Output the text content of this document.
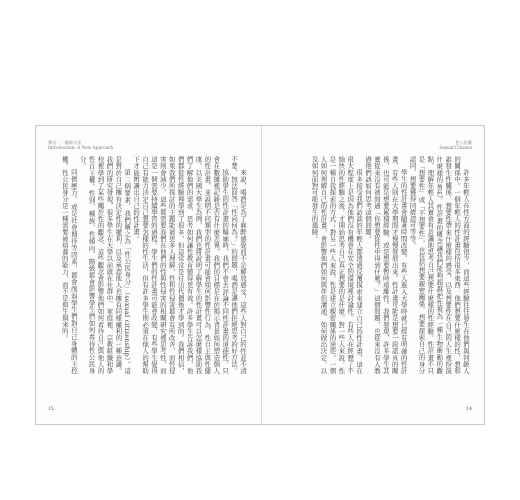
導言：一個新方法
Introduction: A New Approach

來說，喝酒是為了麻醉感覺而不是解放感受，這些人對自己的性並不清不楚、無法回答「性向何為？」的問題，喝酒是讓他們拒絕思考的好方法。

協助學生的性計畫的輪廓時，我們不會去評論不同性計畫的道德性，只會在數據裡記錄是否有什麼差異。我們的目標是在於揭示背景如何塑造個人的性計畫，並說明不同類型的性計畫可能會如何影響性行為、性自主與性健康。以美國大學生為例，我們也將說明了解學生的性計畫可以怎麼樣協助我們了解他們的需求、思考如何讓性教育變得更有效。許多學生告訴我們，他們都從性經驗裡學到了很多，但這常常是付出代價後才學到的。我們相信，如果我們所探討的主題能被更多人理解，性和性侵害都會有所改善，而性侵害則會減少。這些都需要我們在他們的性與性侵害的相關研究裡思考性，而這是一個需要持續學習的過程。學生們的性計畫可能會改變，有些學生覺得自己有能力決定自己想要怎樣的性生活，但有許多學生則必須在他人的幫助下才能辨識出自己的性計畫。

第二個要素，我們稱之為「性公民身分」（sexual citizenship）。這是對於自己擁有決定性的權利，以及承認他人也擁有同樣權利的一種意識。我們的研究發現，很多學生在大學以前就在社群中、家庭裡、宗教組織和學校裡學到了某些關於性的觀念，這些觀念會影響他們如何看待自己與他人的性自主權。性別、種族、性傾向、階級都會影響學生們如何看待性公民身分。

同儕壓力、或是社會期待等因素，都會削弱學生們對自己身體的主控權。性公民身分是一種需要被培養的能力，而不是與生俱來的。

15
性公民權
Sexual Citizens

許多年輕人在性方面的經驗很少，而這些經驗往往發生在他們與同齡人的關係中。一個年輕人的性計畫包括很多東西：他們想要什麼樣的性、想和誰發生性關係、想要性帶來什麼樣的感受，以及想要性在自己的人生裡扮演什麼樣的角色。性計畫的概念讓我們能夠超越把性視為一種生物衝動的觀點，理解年輕人其實會有意識地思考自己想要什麼樣的性經驗。性計畫不只是「想要性」或「不想要性」，也包括想要親密關係、想要探索自己的身分認同、想要獲得同儕認可等等。

學生的性計畫會隨著時間改變。有些人進入大學時就已經有明確的性計畫，有些人則在大學期間才慢慢發展出來。性計畫可能是想要一段認真的關係，也可能是想要累積經驗、或是想要暫時遠離性。我們發現，許多學生其實從來沒有被問過「你想要從性中得到什麼？」這個問題，也從來沒有人教過他們該如何思考這個問題。

很多接受我們訪談的年輕人都透過反覆摸索來建立自己的性計畫，這在很大程度上是因為他們沒有機會在安全的環境裡討論性。有些人在經歷了不愉快的性經驗之後，才開始思考自己真正想要的是什麼。對一些人來說，性是一種自我探索的方式；對另一些人來說，性是建立親密關係的途徑。一個人如何理解自己的性計畫，會影響他們如何與伴侶溝通、如何做出決定，以及如何面對可能發生的風險。

14
